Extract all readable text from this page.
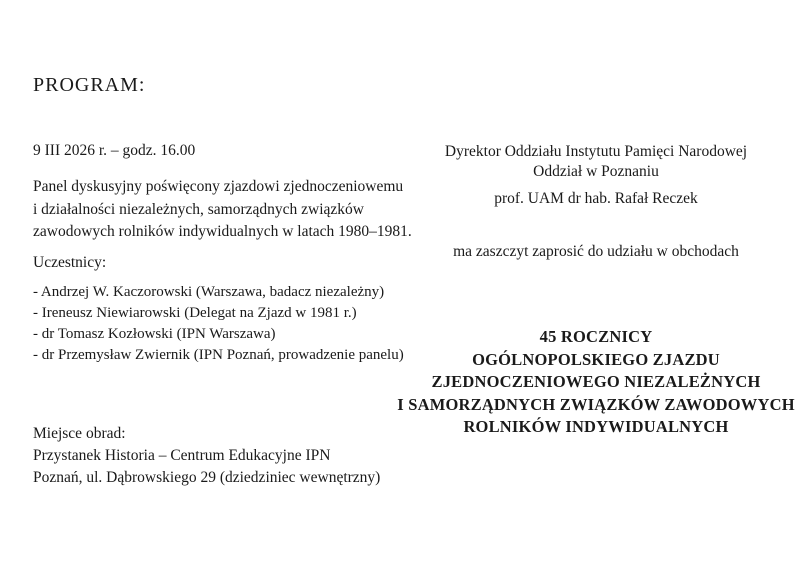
PROGRAM:
9 III 2026 r. – godz. 16.00
Panel dyskusyjny poświęcony zjazdowi zjednoczeniowemu
i działalności niezależnych, samorządnych związków
zawodowych rolników indywidualnych w latach 1980–1981.
Uczestnicy:
- Andrzej W. Kaczorowski (Warszawa, badacz niezależny)
- Ireneusz Niewiarowski (Delegat na Zjazd w 1981 r.)
- dr Tomasz Kozłowski (IPN Warszawa)
- dr Przemysław Zwiernik (IPN Poznań, prowadzenie panelu)
Miejsce obrad:
Przystanek Historia – Centrum Edukacyjne IPN
Poznań, ul. Dąbrowskiego 29 (dziedziniec wewnętrzny)
Dyrektor Oddziału Instytutu Pamięci Narodowej
Oddział w Poznaniu
prof. UAM dr hab. Rafał Reczek
ma zaszczyt zaprosić do udziału w obchodach
45 ROCZNICY
OGÓLNOPOLSKIEGO ZJAZDU
ZJEDNOCZENIOWEGO NIEZALEŻNYCH
I SAMORZĄDNYCH ZWIĄZKÓW ZAWODOWYCH
ROLNIKÓW INDYWIDUALNYCH
